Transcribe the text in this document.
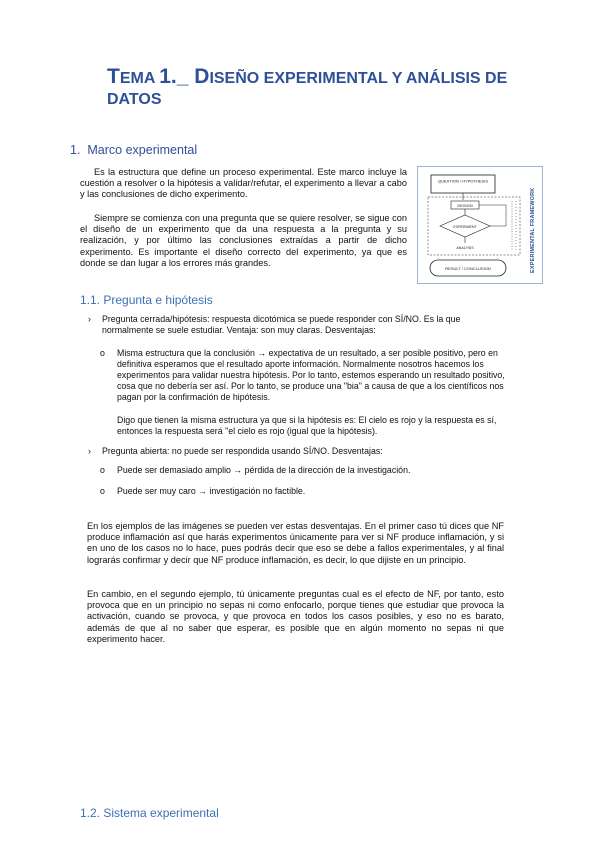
TEMA 1._ DISEÑO EXPERIMENTAL Y ANÁLISIS DE
DATOS
1. Marco experimental

Es la estructura que define un proceso experimental. Este marco incluye la cuestión a resolver o la hipótesis a validar/refutar, el experimento a llevar a cabo y las conclusiones de dicho experimento.

Siempre se comienza con una pregunta que se quiere resolver, se sigue con el diseño de un experimento que da una respuesta a la pregunta y su realización, y por último las conclusiones extraídas a partir de dicho experimento. Es importante el diseño correcto del experimento, ya que es donde se dan lugar a los errores más grandes.

QUESTION / HYPOTHESIS
DESIGN
EXPERIMENT
ANALYSIS
RESULT / CONCLUSION	EXPERIMENTAL FRAMEWORK
1.1. Pregunta e hipótesis
› Pregunta cerrada/hipótesis: respuesta dicotómica se puede responder con SÍ/NO. Es la que normalmente se suele estudiar. Ventaja: son muy claras. Desventajas:
o Misma estructura que la conclusión → expectativa de un resultado, a ser posible positivo, pero en definitiva esperamos que el resultado aporte información. Normalmente nosotros hacemos los experimentos para validar nuestra hipótesis. Por lo tanto, estemos esperando un resultado positivo, cosa que no debería ser así. Por lo tanto, se produce una "bia" a causa de que a los científicos nos pagan por la confirmación de hipótesis.
Digo que tienen la misma estructura ya que si la hipótesis es: El cielo es rojo y la respuesta es sí, entonces la respuesta será "el cielo es rojo (igual que la hipótesis).
› Pregunta abierta: no puede ser respondida usando SÍ/NO. Desventajas:
o Puede ser demasiado amplio → pérdida de la dirección de la investigación.
o Puede ser muy caro → investigación no factible.

En los ejemplos de las imágenes se pueden ver estas desventajas. En el primer caso tú dices que NF produce inflamación así que harás experimentos únicamente para ver si NF produce inflamación, y si en uno de los casos no lo hace, pues podrás decir que eso se debe a fallos experimentales, y al final lograrás confirmar y decir que NF produce inflamación, es decir, lo que dijiste en un principio.

En cambio, en el segundo ejemplo, tú únicamente preguntas cual es el efecto de NF, por tanto, esto provoca que en un principio no sepas ni como enfocarlo, porque tienes que estudiar que provoca la activación, cuando se provoca, y que provoca en todos los casos posibles, y eso no es barato, además de que al no saber que esperar, es posible que en algún momento no sepas ni que experimento hacer.

1.2. Sistema experimental
